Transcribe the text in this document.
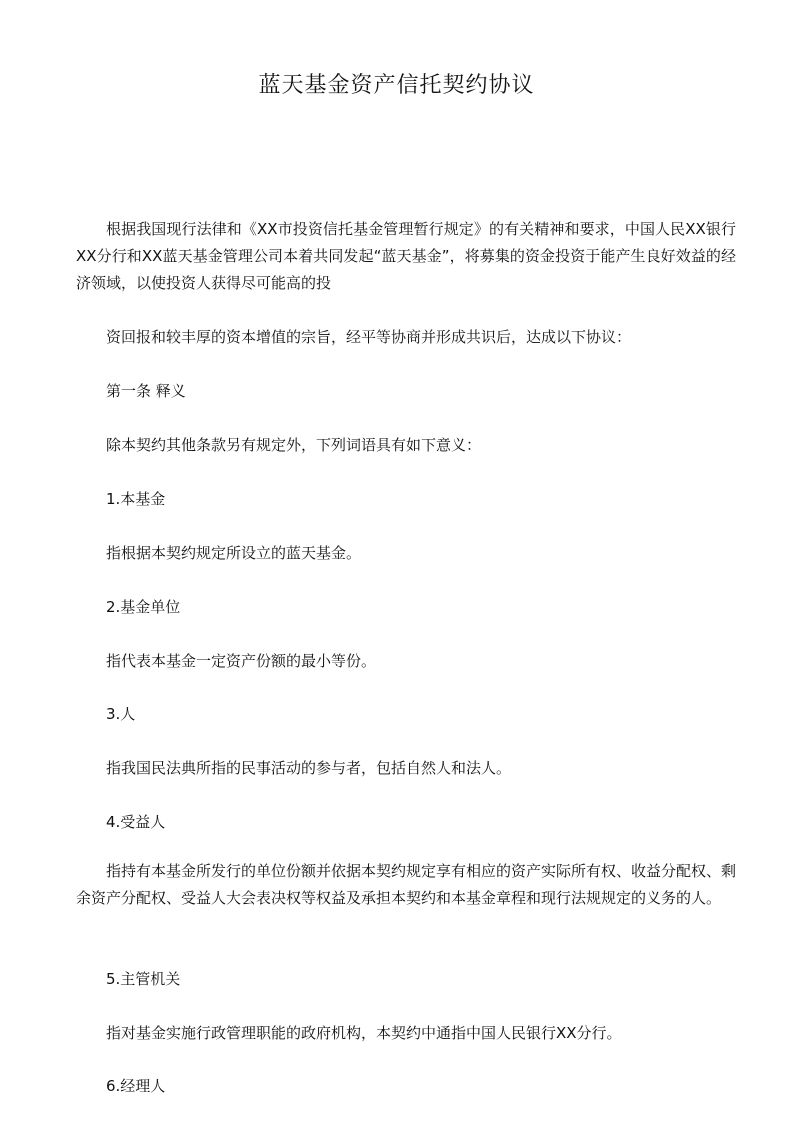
蓝天基金资产信托契约协议

根据我国现行法律和《XX市投资信托基金管理暂行规定》的有关精神和要求，中国人民XX银行XX分行和XX蓝天基金管理公司本着共同发起“蓝天基金”，将募集的资金投资于能产生良好效益的经济领域，以使投资人获得尽可能高的投

资回报和较丰厚的资本增值的宗旨，经平等协商并形成共识后，达成以下协议：

第一条 释义

除本契约其他条款另有规定外，下列词语具有如下意义：

1.本基金

指根据本契约规定所设立的蓝天基金。

2.基金单位

指代表本基金一定资产份额的最小等份。

3.人

指我国民法典所指的民事活动的参与者，包括自然人和法人。

4.受益人

指持有本基金所发行的单位份额并依据本契约规定享有相应的资产实际所有权、收益分配权、剩余资产分配权、受益人大会表决权等权益及承担本契约和本基金章程和现行法规规定的义务的人。

5.主管机关

指对基金实施行政管理职能的政府机构，本契约中通指中国人民银行XX分行。

6.经理人
